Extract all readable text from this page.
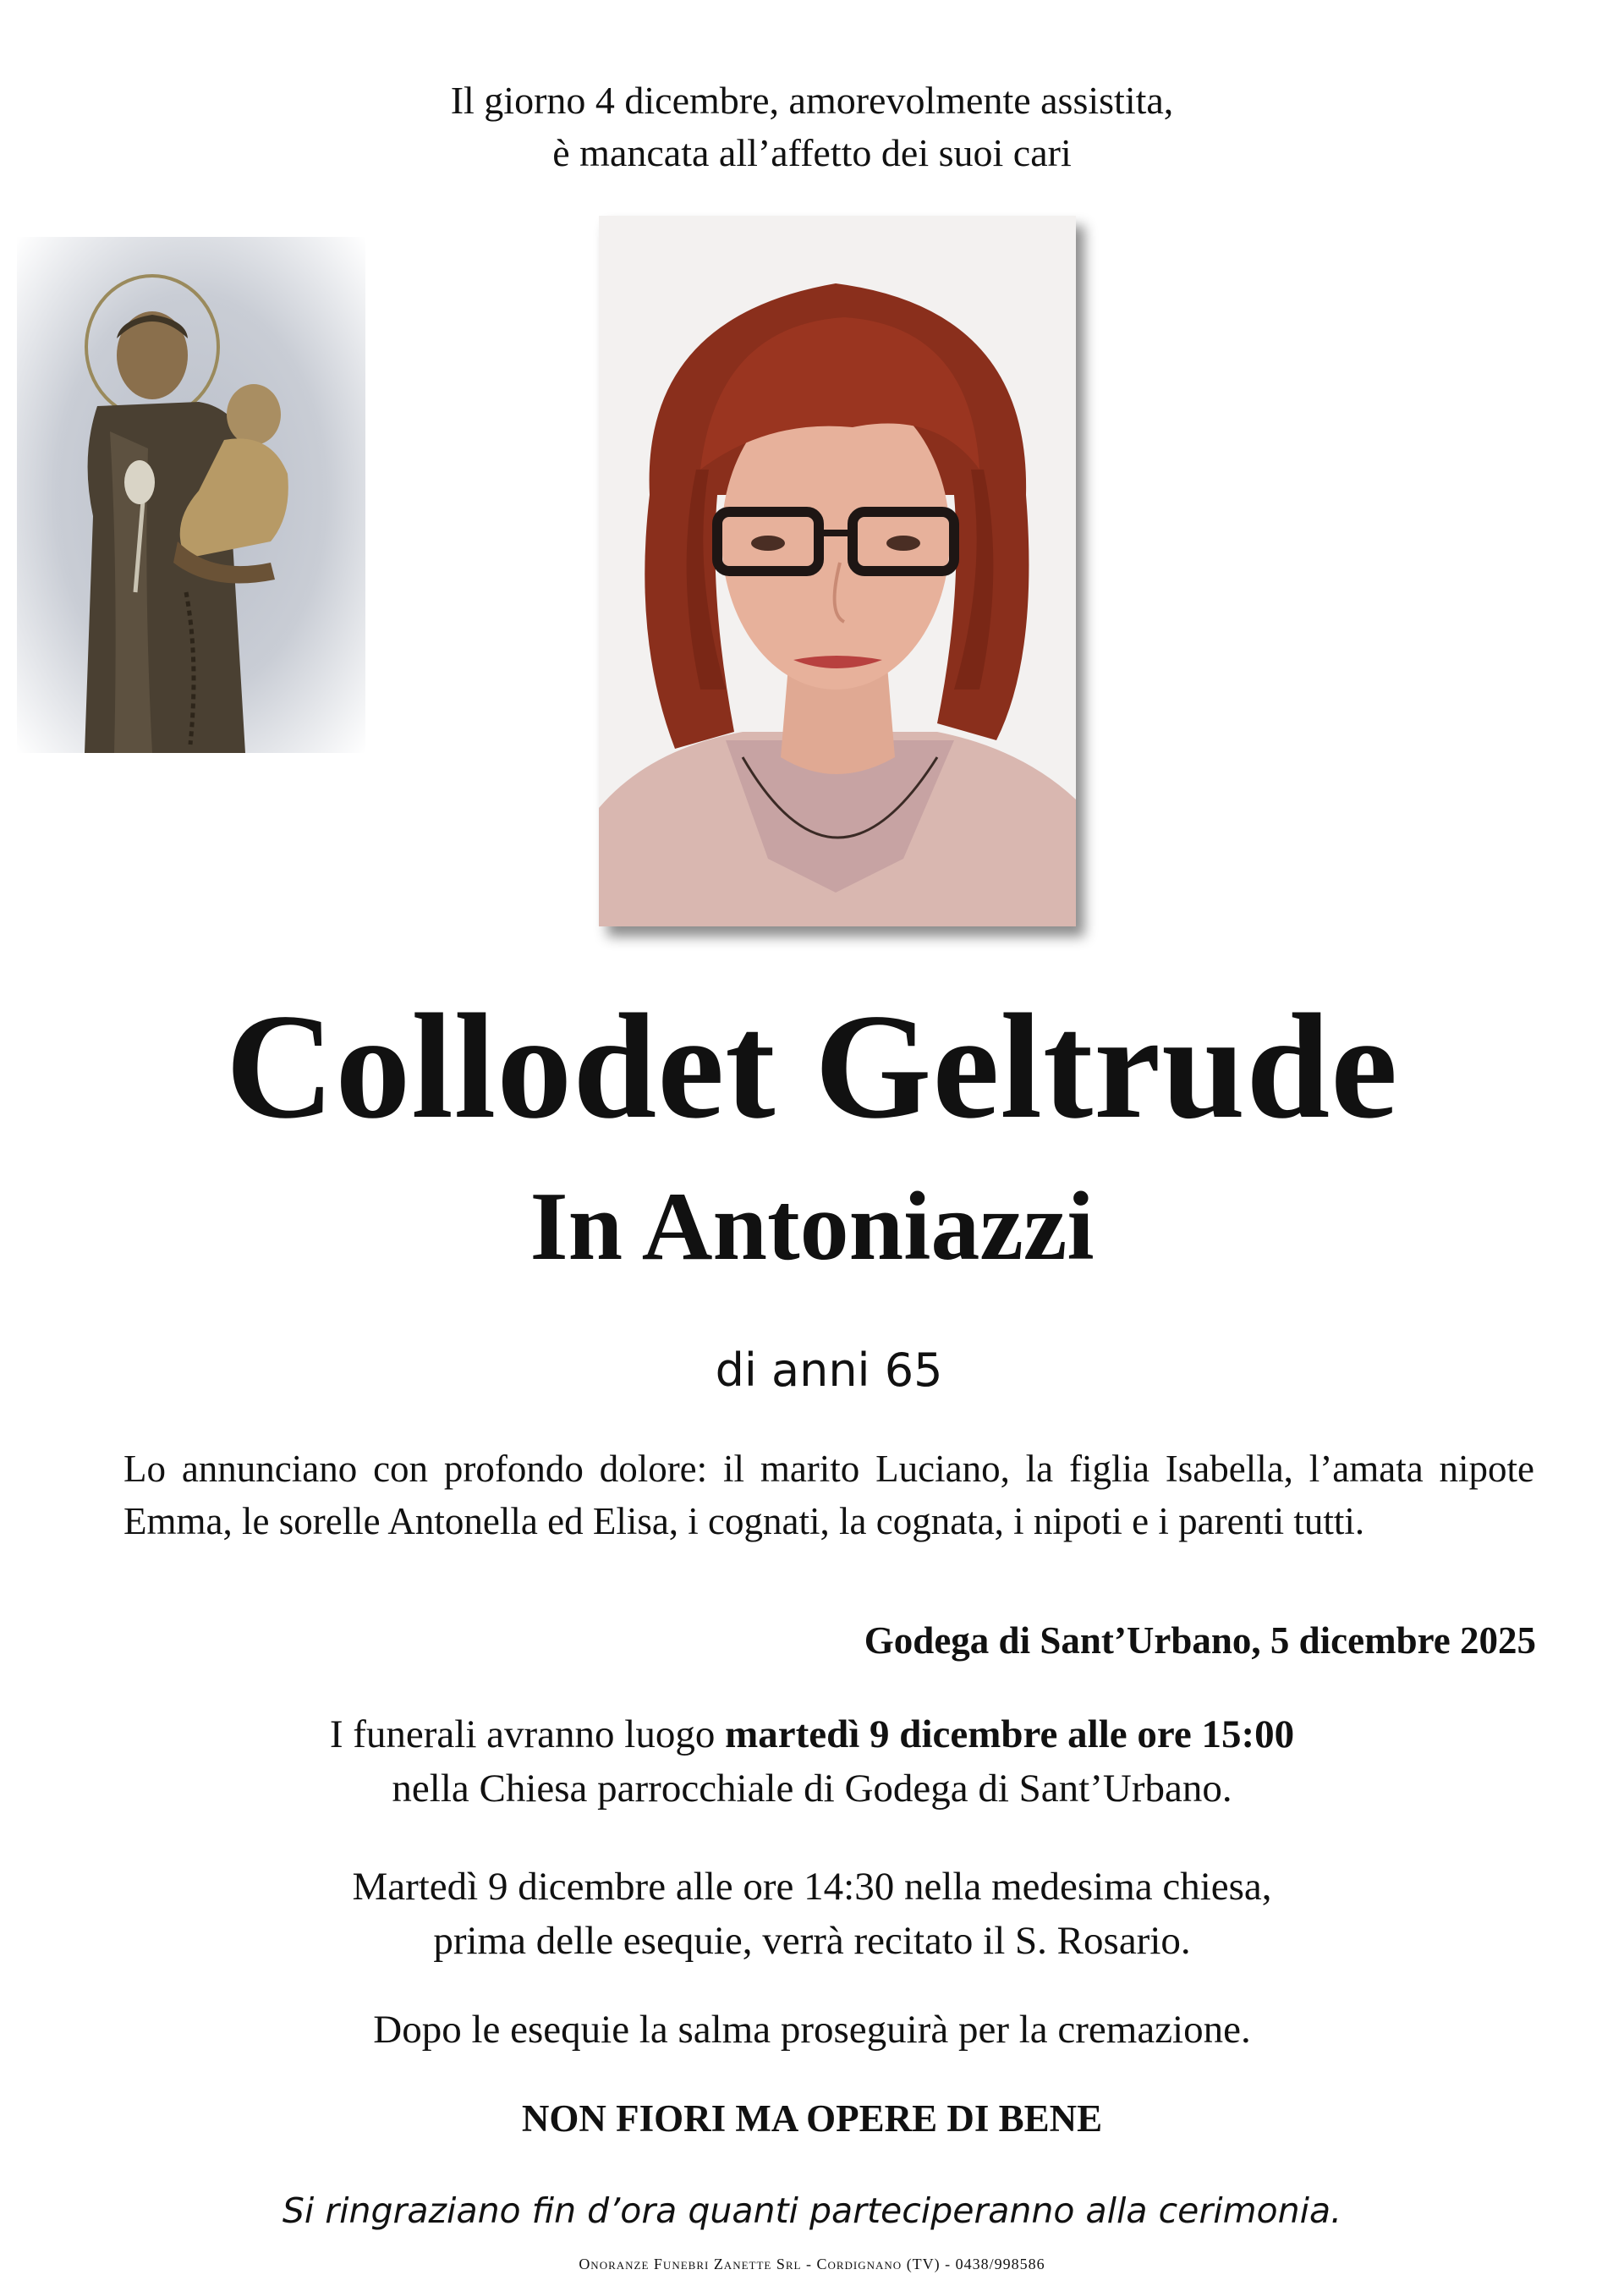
Il giorno 4 dicembre, amorevolmente assistita,
è mancata all’affetto dei suoi cari
Collodet Geltrude
In Antoniazzi
di anni 65
Lo annunciano con profondo dolore: il marito Luciano, la figlia Isabella, l’amata nipote Emma, le sorelle Antonella ed Elisa, i cognati, la cognata, i nipoti e i parenti tutti.
Godega di Sant’Urbano, 5 dicembre 2025
I funerali avranno luogo martedì 9 dicembre alle ore 15:00
nella Chiesa parrocchiale di Godega di Sant’Urbano.
Martedì 9 dicembre alle ore 14:30 nella medesima chiesa,
prima delle esequie, verrà recitato il S. Rosario.
Dopo le esequie la salma proseguirà per la cremazione.
NON FIORI MA OPERE DI BENE
Si ringraziano fin d’ora quanti parteciperanno alla cerimonia.
Onoranze Funebri Zanette Srl - Cordignano (TV) - 0438/998586
